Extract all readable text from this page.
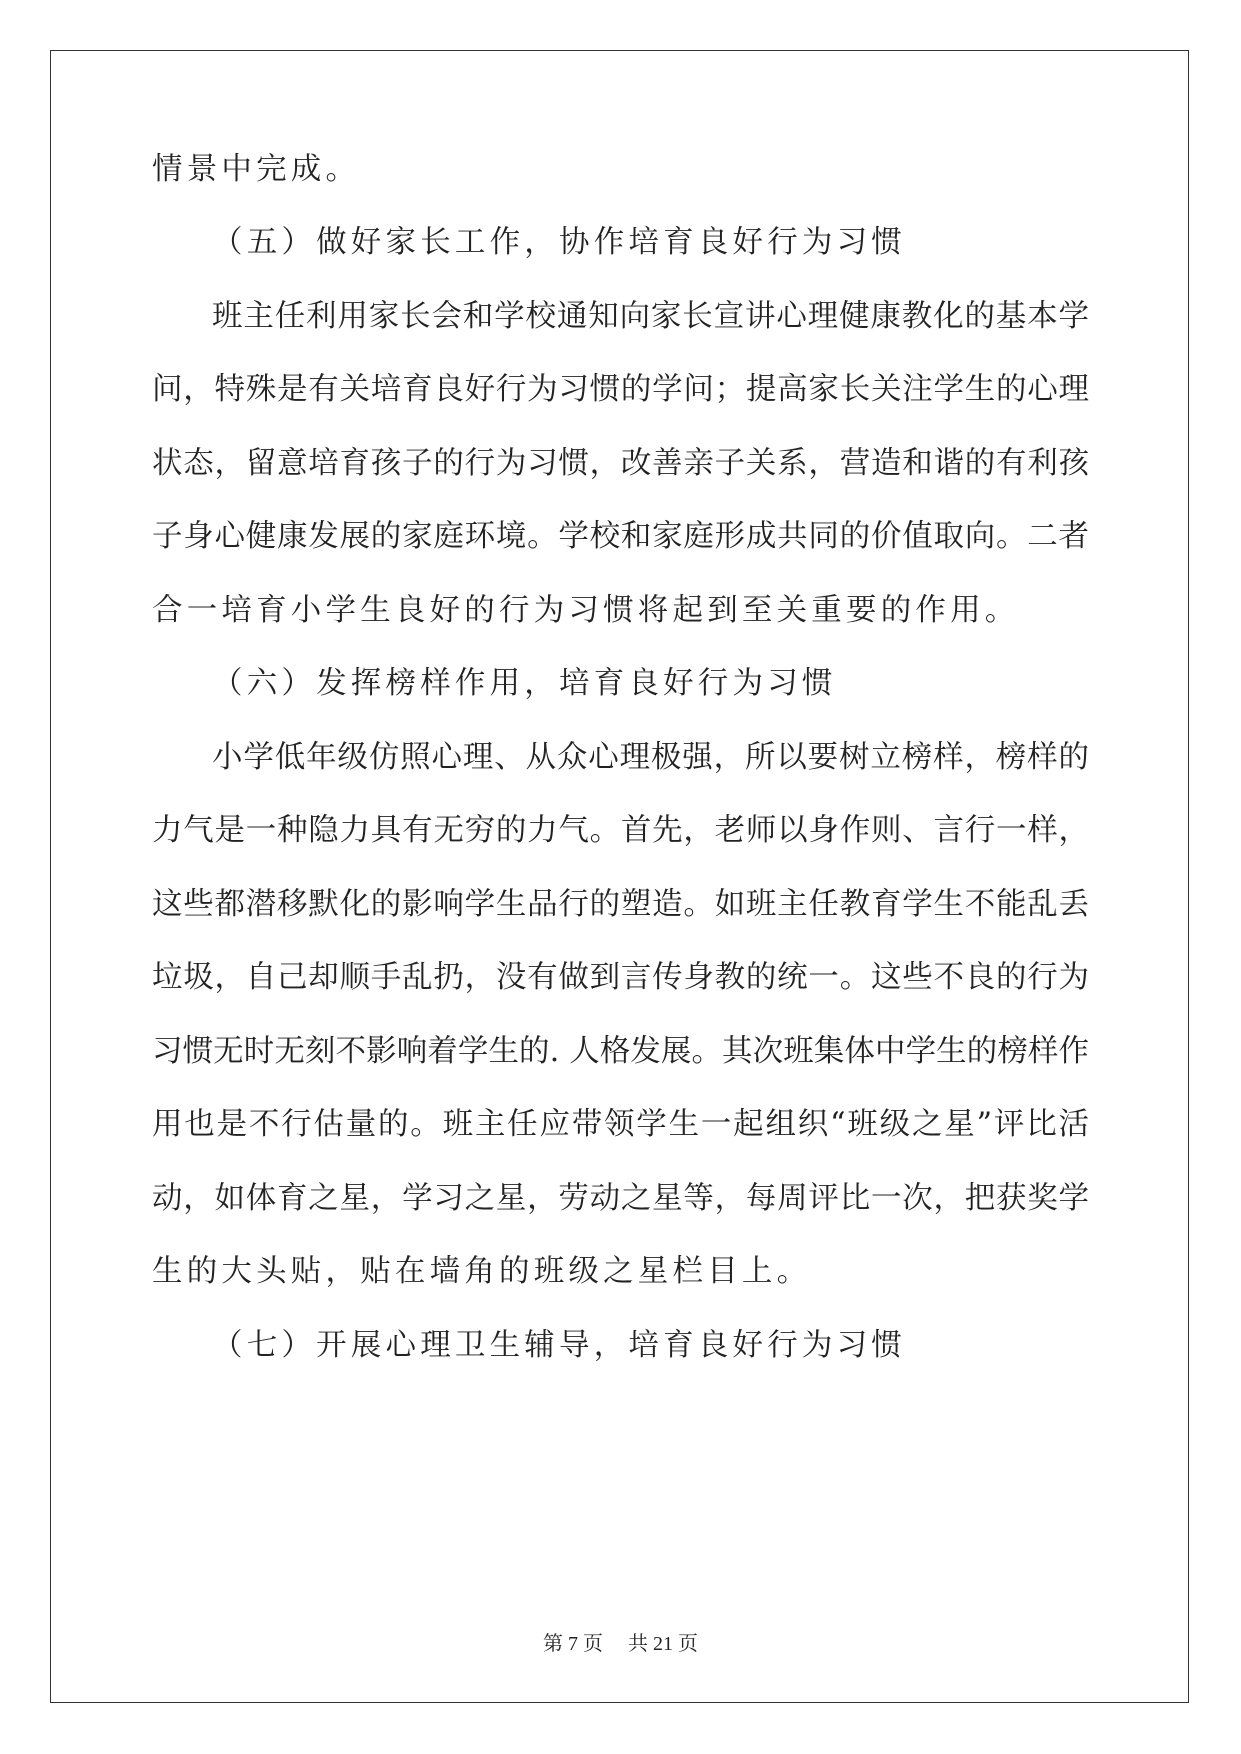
情景中完成。
（五）做好家长工作，协作培育良好行为习惯
班主任利用家长会和学校通知向家长宣讲心理健康教化的基本学
问，特殊是有关培育良好行为习惯的学问；提高家长关注学生的心理
状态，留意培育孩子的行为习惯，改善亲子关系，营造和谐的有利孩
子身心健康发展的家庭环境。学校和家庭形成共同的价值取向。二者
合一培育小学生良好的行为习惯将起到至关重要的作用。
（六）发挥榜样作用，培育良好行为习惯
小学低年级仿照心理、从众心理极强，所以要树立榜样，榜样的
力气是一种隐力具有无穷的力气。首先，老师以身作则、言行一样，
这些都潜移默化的影响学生品行的塑造。如班主任教育学生不能乱丢
垃圾，自己却顺手乱扔，没有做到言传身教的统一。这些不良的行为
习惯无时无刻不影响着学生的. 人格发展。其次班集体中学生的榜样作
用也是不行估量的。班主任应带领学生一起组织“班级之星”评比活
动，如体育之星，学习之星，劳动之星等，每周评比一次，把获奖学
生的大头贴，贴在墙角的班级之星栏目上。
（七）开展心理卫生辅导，培育良好行为习惯
第 7 页 共 21 页
